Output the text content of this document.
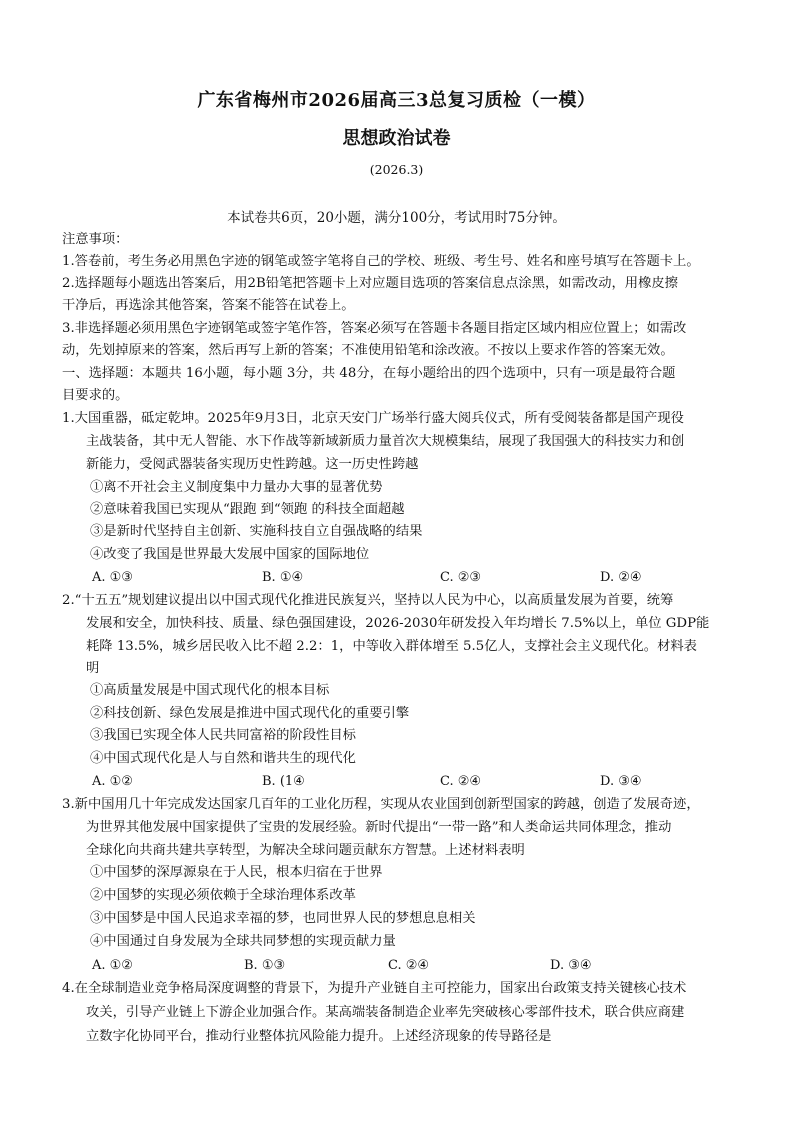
广东省梅州市2026届高三3总复习质检（一模）
思想政治试卷
(2026.3)
本试卷共6页，20小题，满分100分，考试用时75分钟。
注意事项：
1.答卷前，考生务必用黑色字迹的钢笔或签字笔将自己的学校、班级、考生号、姓名和座号填写在答题卡上。
2.选择题每小题选出答案后，用2B铅笔把答题卡上对应题目选项的答案信息点涂黑，如需改动，用橡皮擦
干净后，再选涂其他答案，答案不能答在试卷上。
3.非选择题必须用黑色字迹钢笔或签字笔作答，答案必须写在答题卡各题目指定区域内相应位置上；如需改
动，先划掉原来的答案，然后再写上新的答案；不准使用铅笔和涂改液。不按以上要求作答的答案无效。
一、选择题：本题共 16小题，每小题 3分，共 48分，在每小题给出的四个选项中，只有一项是最符合题
目要求的。
1.大国重器，砥定乾坤。2025年9月3日，北京天安门广场举行盛大阅兵仪式，所有受阅装备都是国产现役
主战装备，其中无人智能、水下作战等新域新质力量首次大规模集结，展现了我国强大的科技实力和创
新能力，受阅武器装备实现历史性跨越。这一历史性跨越
①离不开社会主义制度集中力量办大事的显著优势
②意味着我国已实现从“跟跑 到“领跑 的科技全面超越
③是新时代坚持自主创新、实施科技自立自强战略的结果
④改变了我国是世界最大发展中国家的国际地位
A. ①③	B. ①④	C. ②③	D. ②④
2.“十五五”规划建议提出以中国式现代化推进民族复兴，坚持以人民为中心，以高质量发展为首要，统筹
发展和安全，加快科技、质量、绿色强国建设，2026-2030年研发投入年均增长 7.5%以上，单位 GDP能
耗降 13.5%，城乡居民收入比不超 2.2：1，中等收入群体增至 5.5亿人，支撑社会主义现代化。材料表
明
①高质量发展是中国式现代化的根本目标
②科技创新、绿色发展是推进中国式现代化的重要引擎
③我国已实现全体人民共同富裕的阶段性目标
④中国式现代化是人与自然和谐共生的现代化
A. ①②	B. (1④	C. ②④	D. ③④
3.新中国用几十年完成发达国家几百年的工业化历程，实现从农业国到创新型国家的跨越，创造了发展奇迹，
为世界其他发展中国家提供了宝贵的发展经验。新时代提出“一带一路”和人类命运共同体理念，推动
全球化向共商共建共享转型，为解决全球问题贡献东方智慧。上述材料表明
①中国梦的深厚源泉在于人民，根本归宿在于世界
②中国梦的实现必须依赖于全球治理体系改革
③中国梦是中国人民追求幸福的梦，也同世界人民的梦想息息相关
④中国通过自身发展为全球共同梦想的实现贡献力量
A. ①②	B. ①③	C. ②④	D. ③④
4.在全球制造业竞争格局深度调整的背景下，为提升产业链自主可控能力，国家出台政策支持关键核心技术
攻关，引导产业链上下游企业加强合作。某高端装备制造企业率先突破核心零部件技术，联合供应商建
立数字化协同平台，推动行业整体抗风险能力提升。上述经济现象的传导路径是
